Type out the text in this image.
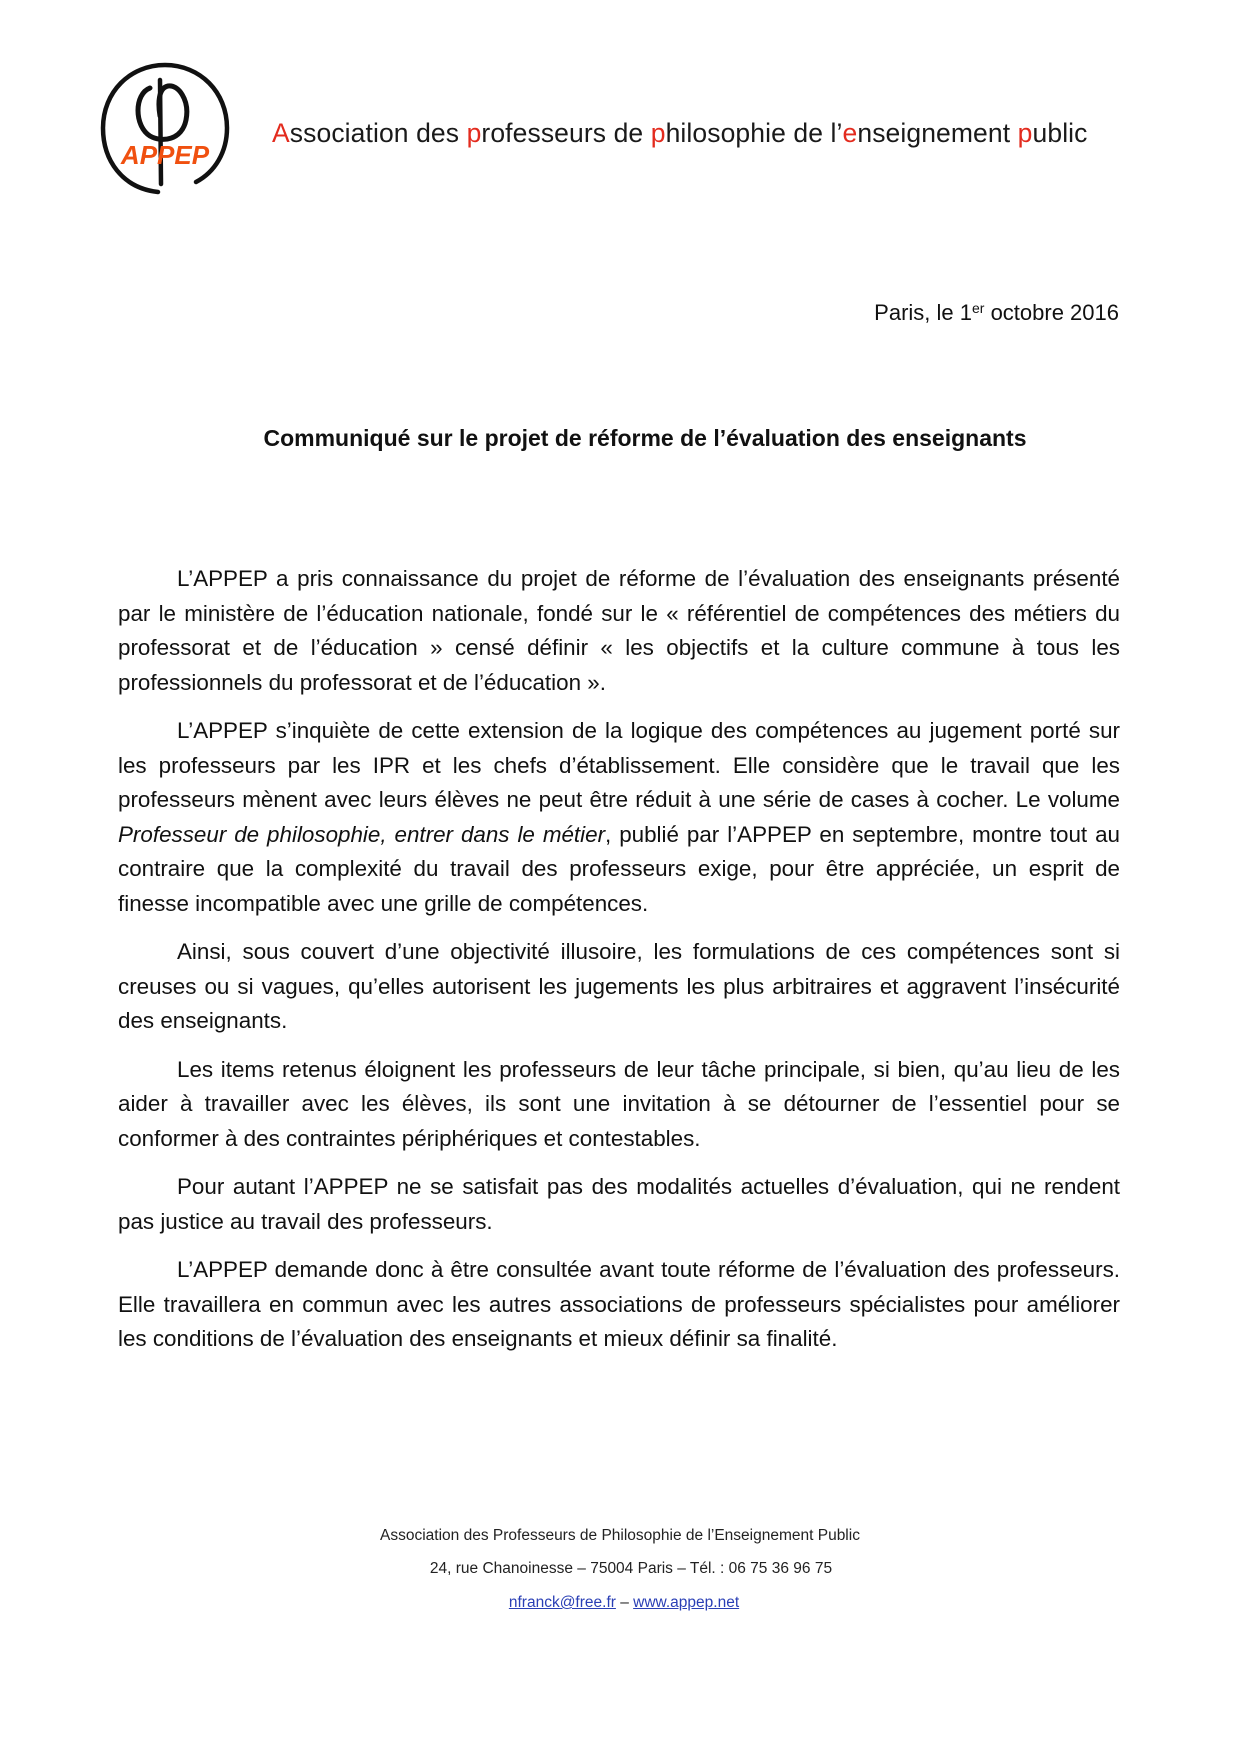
APPEP
Association des professeurs de philosophie de l’enseignement public
Paris, le 1er octobre 2016
Communiqué sur le projet de réforme de l’évaluation des enseignants

L’APPEP a pris connaissance du projet de réforme de l’évaluation des enseignants présenté par le ministère de l’éducation nationale, fondé sur le « référentiel de compétences des métiers du professorat et de l’éducation » censé définir « les objectifs et la culture commune à tous les professionnels du professorat et de l’éducation ».

L’APPEP s’inquiète de cette extension de la logique des compétences au jugement porté sur les professeurs par les IPR et les chefs d’établissement. Elle considère que le travail que les professeurs mènent avec leurs élèves ne peut être réduit à une série de cases à cocher. Le volume Professeur de philosophie, entrer dans le métier, publié par l’APPEP en septembre, montre tout au contraire que la complexité du travail des professeurs exige, pour être appréciée, un esprit de finesse incompatible avec une grille de compétences.

Ainsi, sous couvert d’une objectivité illusoire, les formulations de ces compétences sont si creuses ou si vagues, qu’elles autorisent les jugements les plus arbitraires et aggravent l’insécurité des enseignants.

Les items retenus éloignent les professeurs de leur tâche principale, si bien, qu’au lieu de les aider à travailler avec les élèves, ils sont une invitation à se détourner de l’essentiel pour se conformer à des contraintes périphériques et contestables.

Pour autant l’APPEP ne se satisfait pas des modalités actuelles d’évaluation, qui ne rendent pas justice au travail des professeurs.

L’APPEP demande donc à être consultée avant toute réforme de l’évaluation des professeurs. Elle travaillera en commun avec les autres associations de professeurs spécialistes pour améliorer les conditions de l’évaluation des enseignants et mieux définir sa finalité.

Association des Professeurs de Philosophie de l’Enseignement Public
24, rue Chanoinesse – 75004 Paris – Tél. : 06 75 36 96 75
nfranck@free.fr – www.appep.net
